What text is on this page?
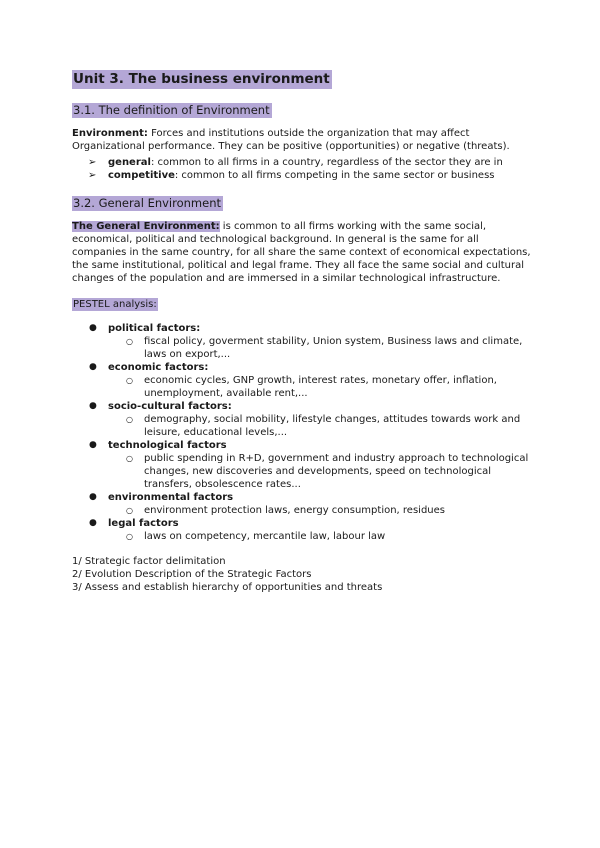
Unit 3. The business environment
3.1. The definition of Environment

Environment: Forces and institutions outside the organization that may affect Organizational performance. They can be positive (opportunities) or negative (threats).

➢ general: common to all firms in a country, regardless of the sector they are in
➢ competitive: common to all firms competing in the same sector or business
3.2. General Environment

The General Environment: is common to all firms working with the same social, economical, political and technological background. In general is the same for all companies in the same country, for all share the same context of economical expectations, the same institutional, political and legal frame. They all face the same social and cultural changes of the population and are immersed in a similar technological infrastructure.

PESTEL analysis:
● political factors:
○ fiscal policy, goverment stability, Union system, Business laws and climate, laws on export,...
● economic factors:
○ economic cycles, GNP growth, interest rates, monetary offer, inflation, unemployment, available rent,...
● socio-cultural factors:
○ demography, social mobility, lifestyle changes, attitudes towards work and leisure, educational levels,...
● technological factors
○ public spending in R+D, government and industry approach to technological changes, new discoveries and developments, speed on technological transfers, obsolescence rates...
● environmental factors
○ environment protection laws, energy consumption, residues
● legal factors
○ laws on competency, mercantile law, labour law

1/ Strategic factor delimitation

2/ Evolution Description of the Strategic Factors

3/ Assess and establish hierarchy of opportunities and threats
